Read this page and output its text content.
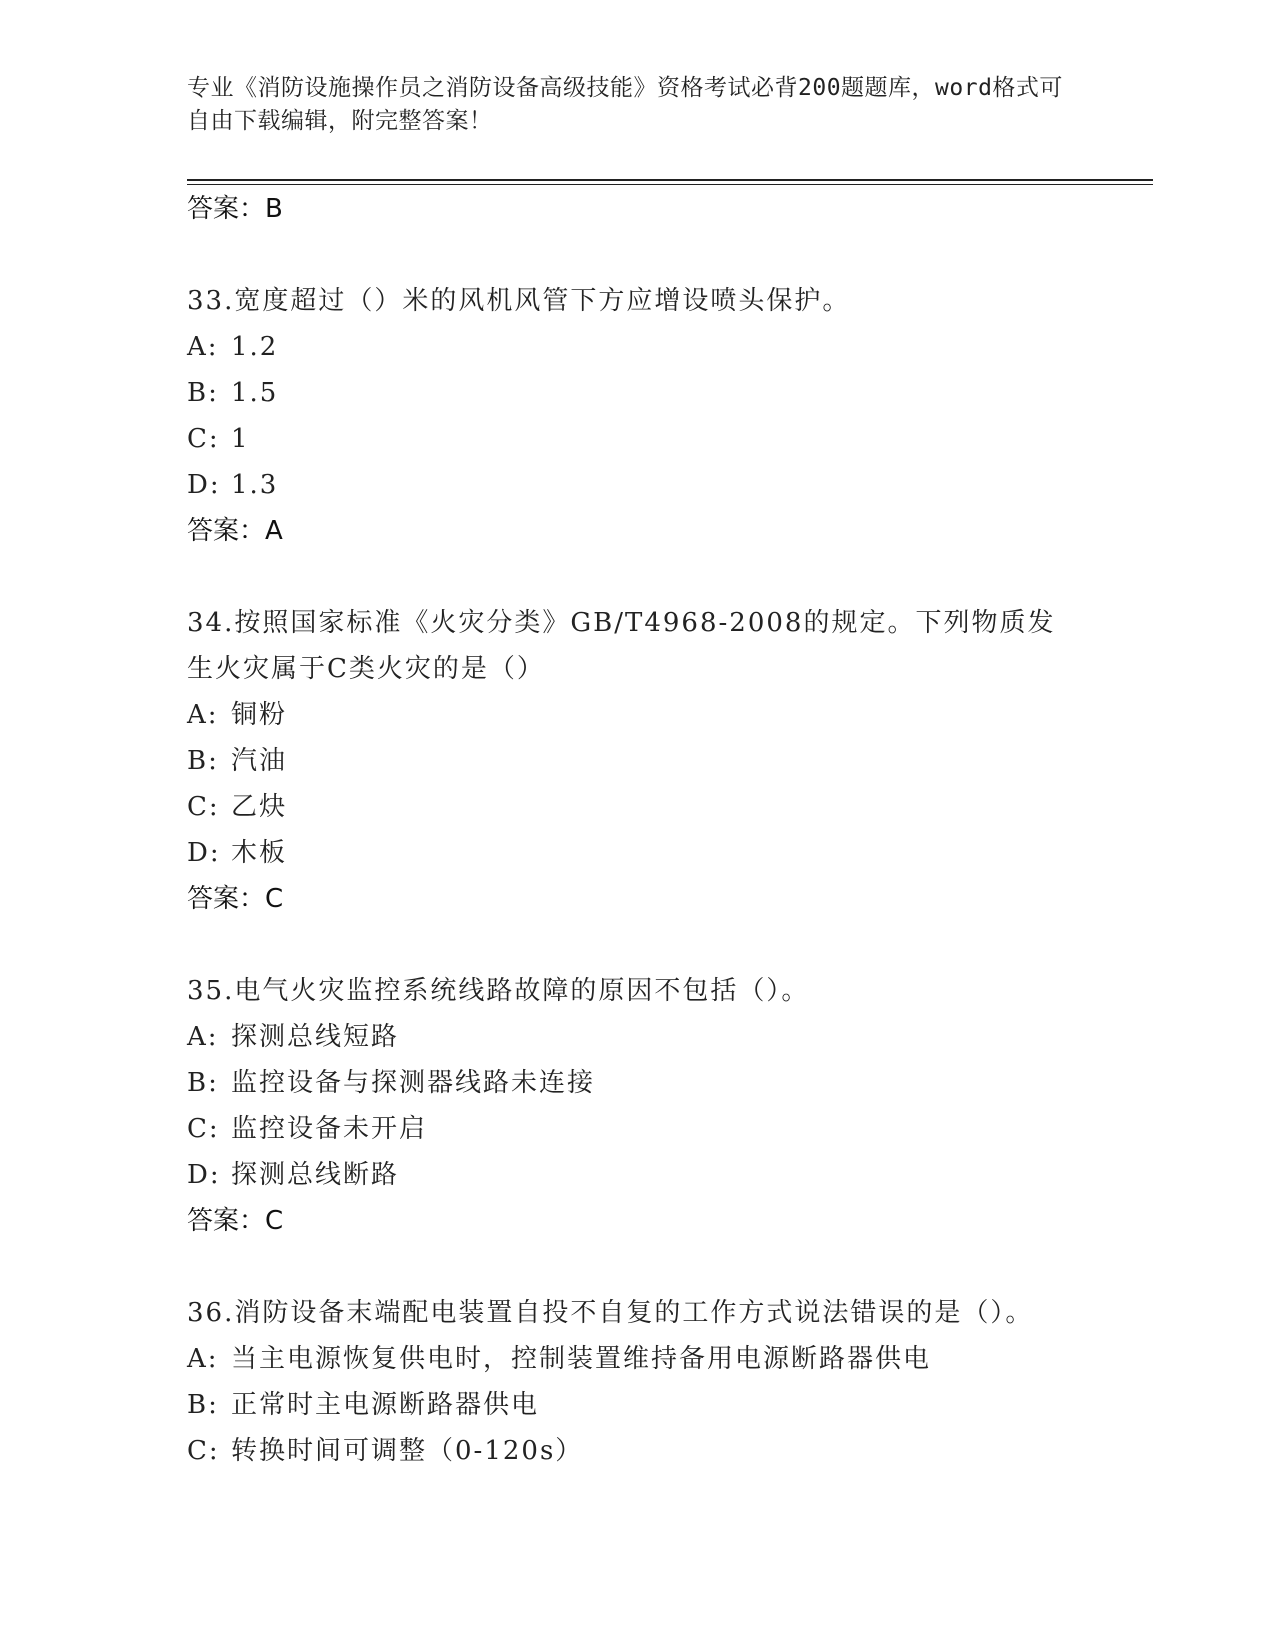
专业《消防设施操作员之消防设备高级技能》资格考试必背200题题库，word格式可自由下载编辑，附完整答案！
答案：B
33.宽度超过（）米的风机风管下方应增设喷头保护。
A: 1.2
B: 1.5
C: 1
D: 1.3
答案：A
34.按照国家标准《火灾分类》GB/T4968-2008的规定。下列物质发生火灾属于C类火灾的是（）
A: 铜粉
B: 汽油
C: 乙炔
D: 木板
答案：C
35.电气火灾监控系统线路故障的原因不包括（）。
A: 探测总线短路
B: 监控设备与探测器线路未连接
C: 监控设备未开启
D: 探测总线断路
答案：C
36.消防设备末端配电装置自投不自复的工作方式说法错误的是（）。
A: 当主电源恢复供电时，控制装置维持备用电源断路器供电
B: 正常时主电源断路器供电
C: 转换时间可调整（0-120s）
